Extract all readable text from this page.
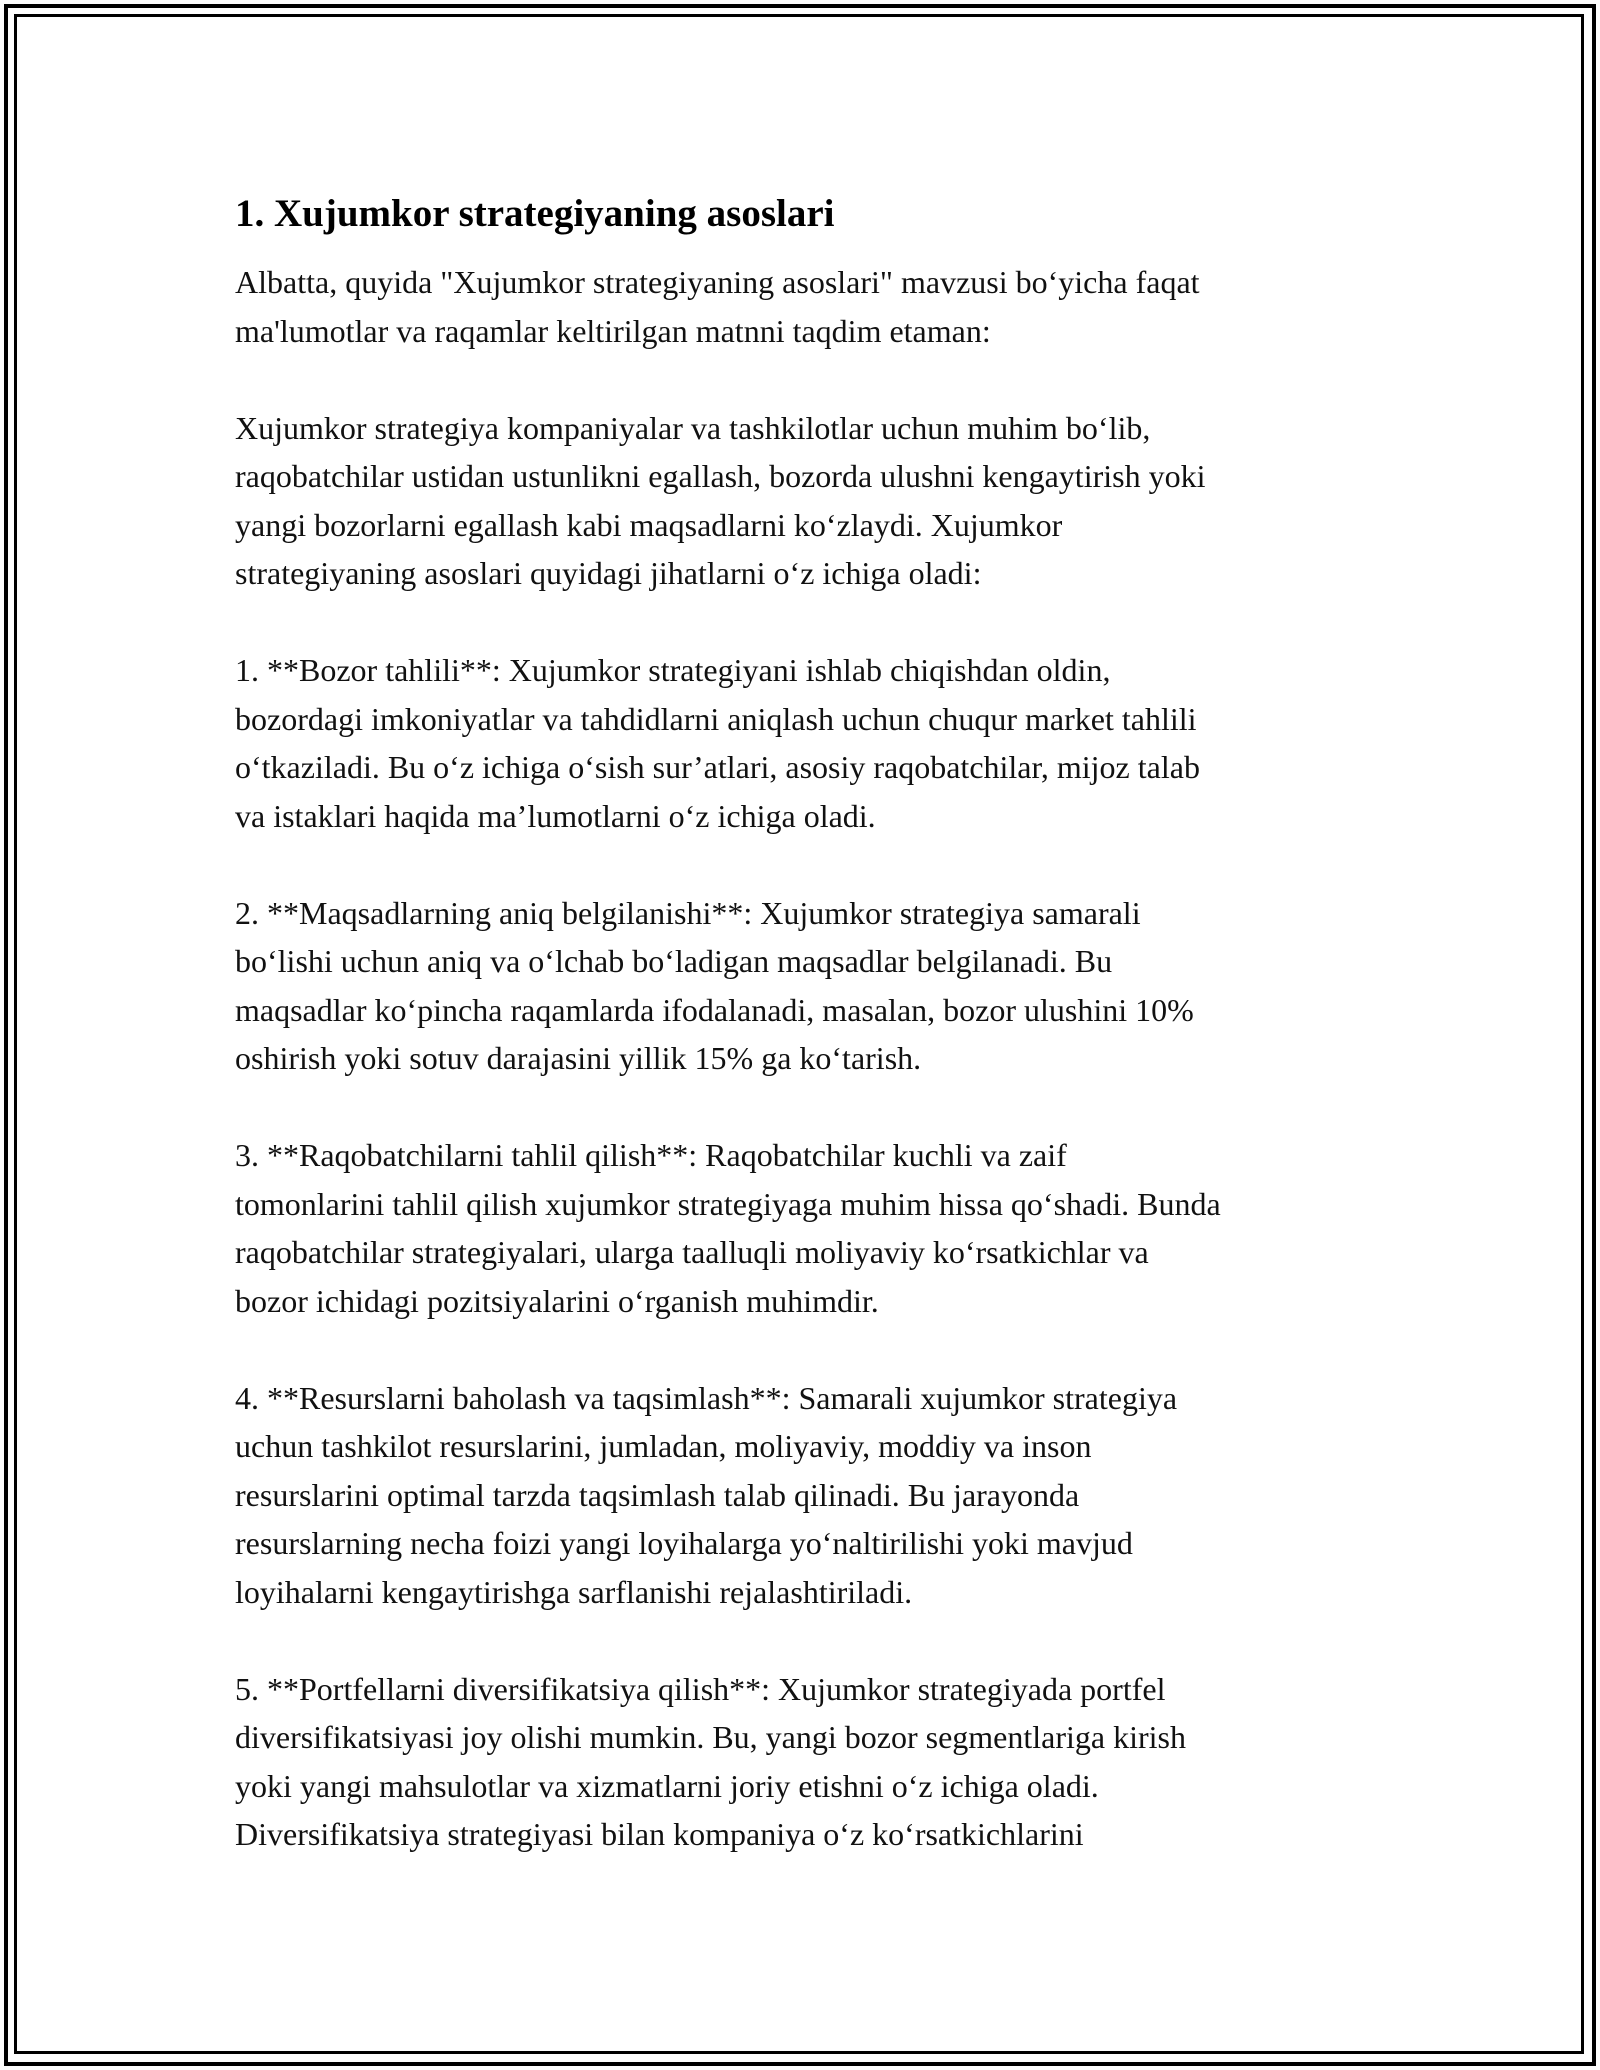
1. Xujumkor strategiyaning asoslari

Albatta, quyida "Xujumkor strategiyaning asoslari" mavzusi bo‘yicha faqat
ma'lumotlar va raqamlar keltirilgan matnni taqdim etaman:

Xujumkor strategiya kompaniyalar va tashkilotlar uchun muhim bo‘lib,
raqobatchilar ustidan ustunlikni egallash, bozorda ulushni kengaytirish yoki
yangi bozorlarni egallash kabi maqsadlarni ko‘zlaydi. Xujumkor
strategiyaning asoslari quyidagi jihatlarni o‘z ichiga oladi:

1. **Bozor tahlili**: Xujumkor strategiyani ishlab chiqishdan oldin,
bozordagi imkoniyatlar va tahdidlarni aniqlash uchun chuqur market tahlili
o‘tkaziladi. Bu o‘z ichiga o‘sish sur’atlari, asosiy raqobatchilar, mijoz talab
va istaklari haqida ma’lumotlarni o‘z ichiga oladi.

2. **Maqsadlarning aniq belgilanishi**: Xujumkor strategiya samarali
bo‘lishi uchun aniq va o‘lchab bo‘ladigan maqsadlar belgilanadi. Bu
maqsadlar ko‘pincha raqamlarda ifodalanadi, masalan, bozor ulushini 10%
oshirish yoki sotuv darajasini yillik 15% ga ko‘tarish.

3. **Raqobatchilarni tahlil qilish**: Raqobatchilar kuchli va zaif
tomonlarini tahlil qilish xujumkor strategiyaga muhim hissa qo‘shadi. Bunda
raqobatchilar strategiyalari, ularga taalluqli moliyaviy ko‘rsatkichlar va
bozor ichidagi pozitsiyalarini o‘rganish muhimdir.

4. **Resurslarni baholash va taqsimlash**: Samarali xujumkor strategiya
uchun tashkilot resurslarini, jumladan, moliyaviy, moddiy va inson
resurslarini optimal tarzda taqsimlash talab qilinadi. Bu jarayonda
resurslarning necha foizi yangi loyihalarga yo‘naltirilishi yoki mavjud
loyihalarni kengaytirishga sarflanishi rejalashtiriladi.

5. **Portfellarni diversifikatsiya qilish**: Xujumkor strategiyada portfel
diversifikatsiyasi joy olishi mumkin. Bu, yangi bozor segmentlariga kirish
yoki yangi mahsulotlar va xizmatlarni joriy etishni o‘z ichiga oladi.
Diversifikatsiya strategiyasi bilan kompaniya o‘z ko‘rsatkichlarini
